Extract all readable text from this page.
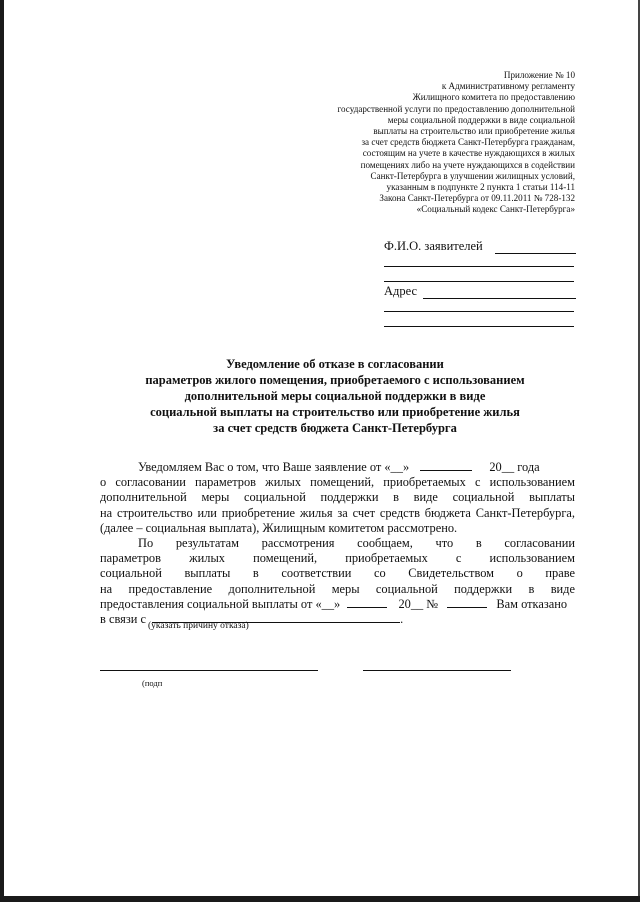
Приложение № 10
к Административному регламенту
Жилищного комитета по предоставлению
государственной услуги по предоставлению дополнительной
меры социальной поддержки в виде социальной
выплаты на строительство или приобретение жилья
за счет средств бюджета Санкт-Петербурга гражданам,
состоящим на учете в качестве нуждающихся в жилых
помещениях либо на учете нуждающихся в содействии
Санкт-Петербурга в улучшении жилищных условий,
указанным в подпункте 2 пункта 1 статьи 114-11
Закона Санкт-Петербурга от 09.11.2011 № 728-132
«Социальный кодекс Санкт-Петербурга»
Ф.И.О. заявителей
Адрес
Уведомление об отказе в согласовании
параметров жилого помещения, приобретаемого с использованием
дополнительной меры социальной поддержки в виде
социальной выплаты на строительство или приобретение жилья
за счет средств бюджета Санкт-Петербурга
Уведомляем Вас о том, что Ваше заявление от «__»	20__ года
о согласовании параметров жилых помещений, приобретаемых с использованием
дополнительной меры социальной поддержки в виде социальной выплаты
на строительство или приобретение жилья за счет средств бюджета Санкт-Петербурга,
(далее – социальная выплата), Жилищным комитетом рассмотрено.
По результатам рассмотрения сообщаем, что в согласовании
параметров жилых помещений, приобретаемых с использованием
социальной выплаты в соответствии со Свидетельством о праве
на предоставление дополнительной меры социальной поддержки в виде
предоставления социальной выплаты от «__»	20__ №	Вам отказано
в связи с	.
(указать причину отказа)
(подп
